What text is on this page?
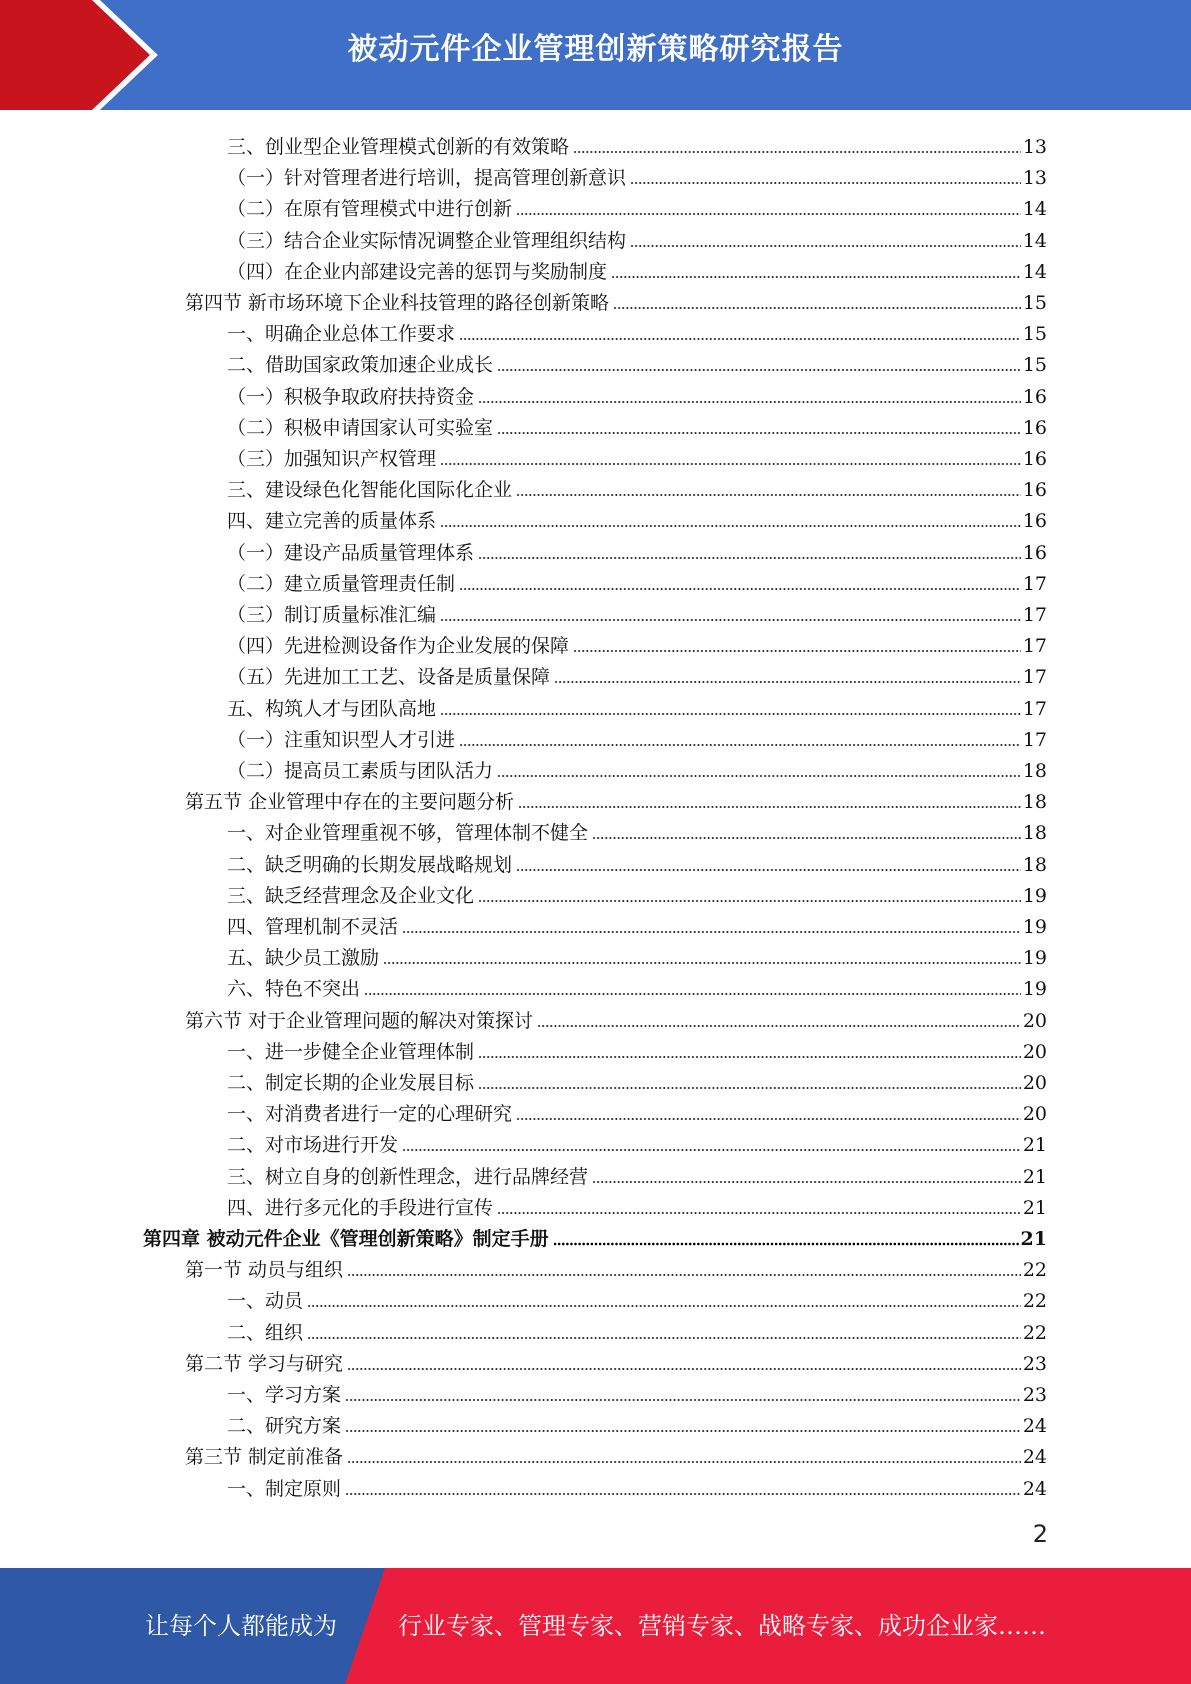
被动元件企业管理创新策略研究报告
三、创业型企业管理模式创新的有效策略	13
（一）针对管理者进行培训，提高管理创新意识	13
（二）在原有管理模式中进行创新	14
（三）结合企业实际情况调整企业管理组织结构	14
（四）在企业内部建设完善的惩罚与奖励制度	14
第四节 新市场环境下企业科技管理的路径创新策略	15
一、明确企业总体工作要求	15
二、借助国家政策加速企业成长	15
（一）积极争取政府扶持资金	16
（二）积极申请国家认可实验室	16
（三）加强知识产权管理	16
三、建设绿色化智能化国际化企业	16
四、建立完善的质量体系	16
（一）建设产品质量管理体系	16
（二）建立质量管理责任制	17
（三）制订质量标准汇编	17
（四）先进检测设备作为企业发展的保障	17
（五）先进加工工艺、设备是质量保障	17
五、构筑人才与团队高地	17
（一）注重知识型人才引进	17
（二）提高员工素质与团队活力	18
第五节 企业管理中存在的主要问题分析	18
一、对企业管理重视不够，管理体制不健全	18
二、缺乏明确的长期发展战略规划	18
三、缺乏经营理念及企业文化	19
四、管理机制不灵活	19
五、缺少员工激励	19
六、特色不突出	19
第六节 对于企业管理问题的解决对策探讨	20
一、进一步健全企业管理体制	20
二、制定长期的企业发展目标	20
一、对消费者进行一定的心理研究	20
二、对市场进行开发	21
三、树立自身的创新性理念，进行品牌经营	21
四、进行多元化的手段进行宣传	21
第四章 被动元件企业《管理创新策略》制定手册	21
第一节 动员与组织	22
一、动员	22
二、组织	22
第二节 学习与研究	23
一、学习方案	23
二、研究方案	24
第三节 制定前准备	24
一、制定原则	24
2
让每个人都能成为	行业专家、管理专家、营销专家、战略专家、成功企业家……
